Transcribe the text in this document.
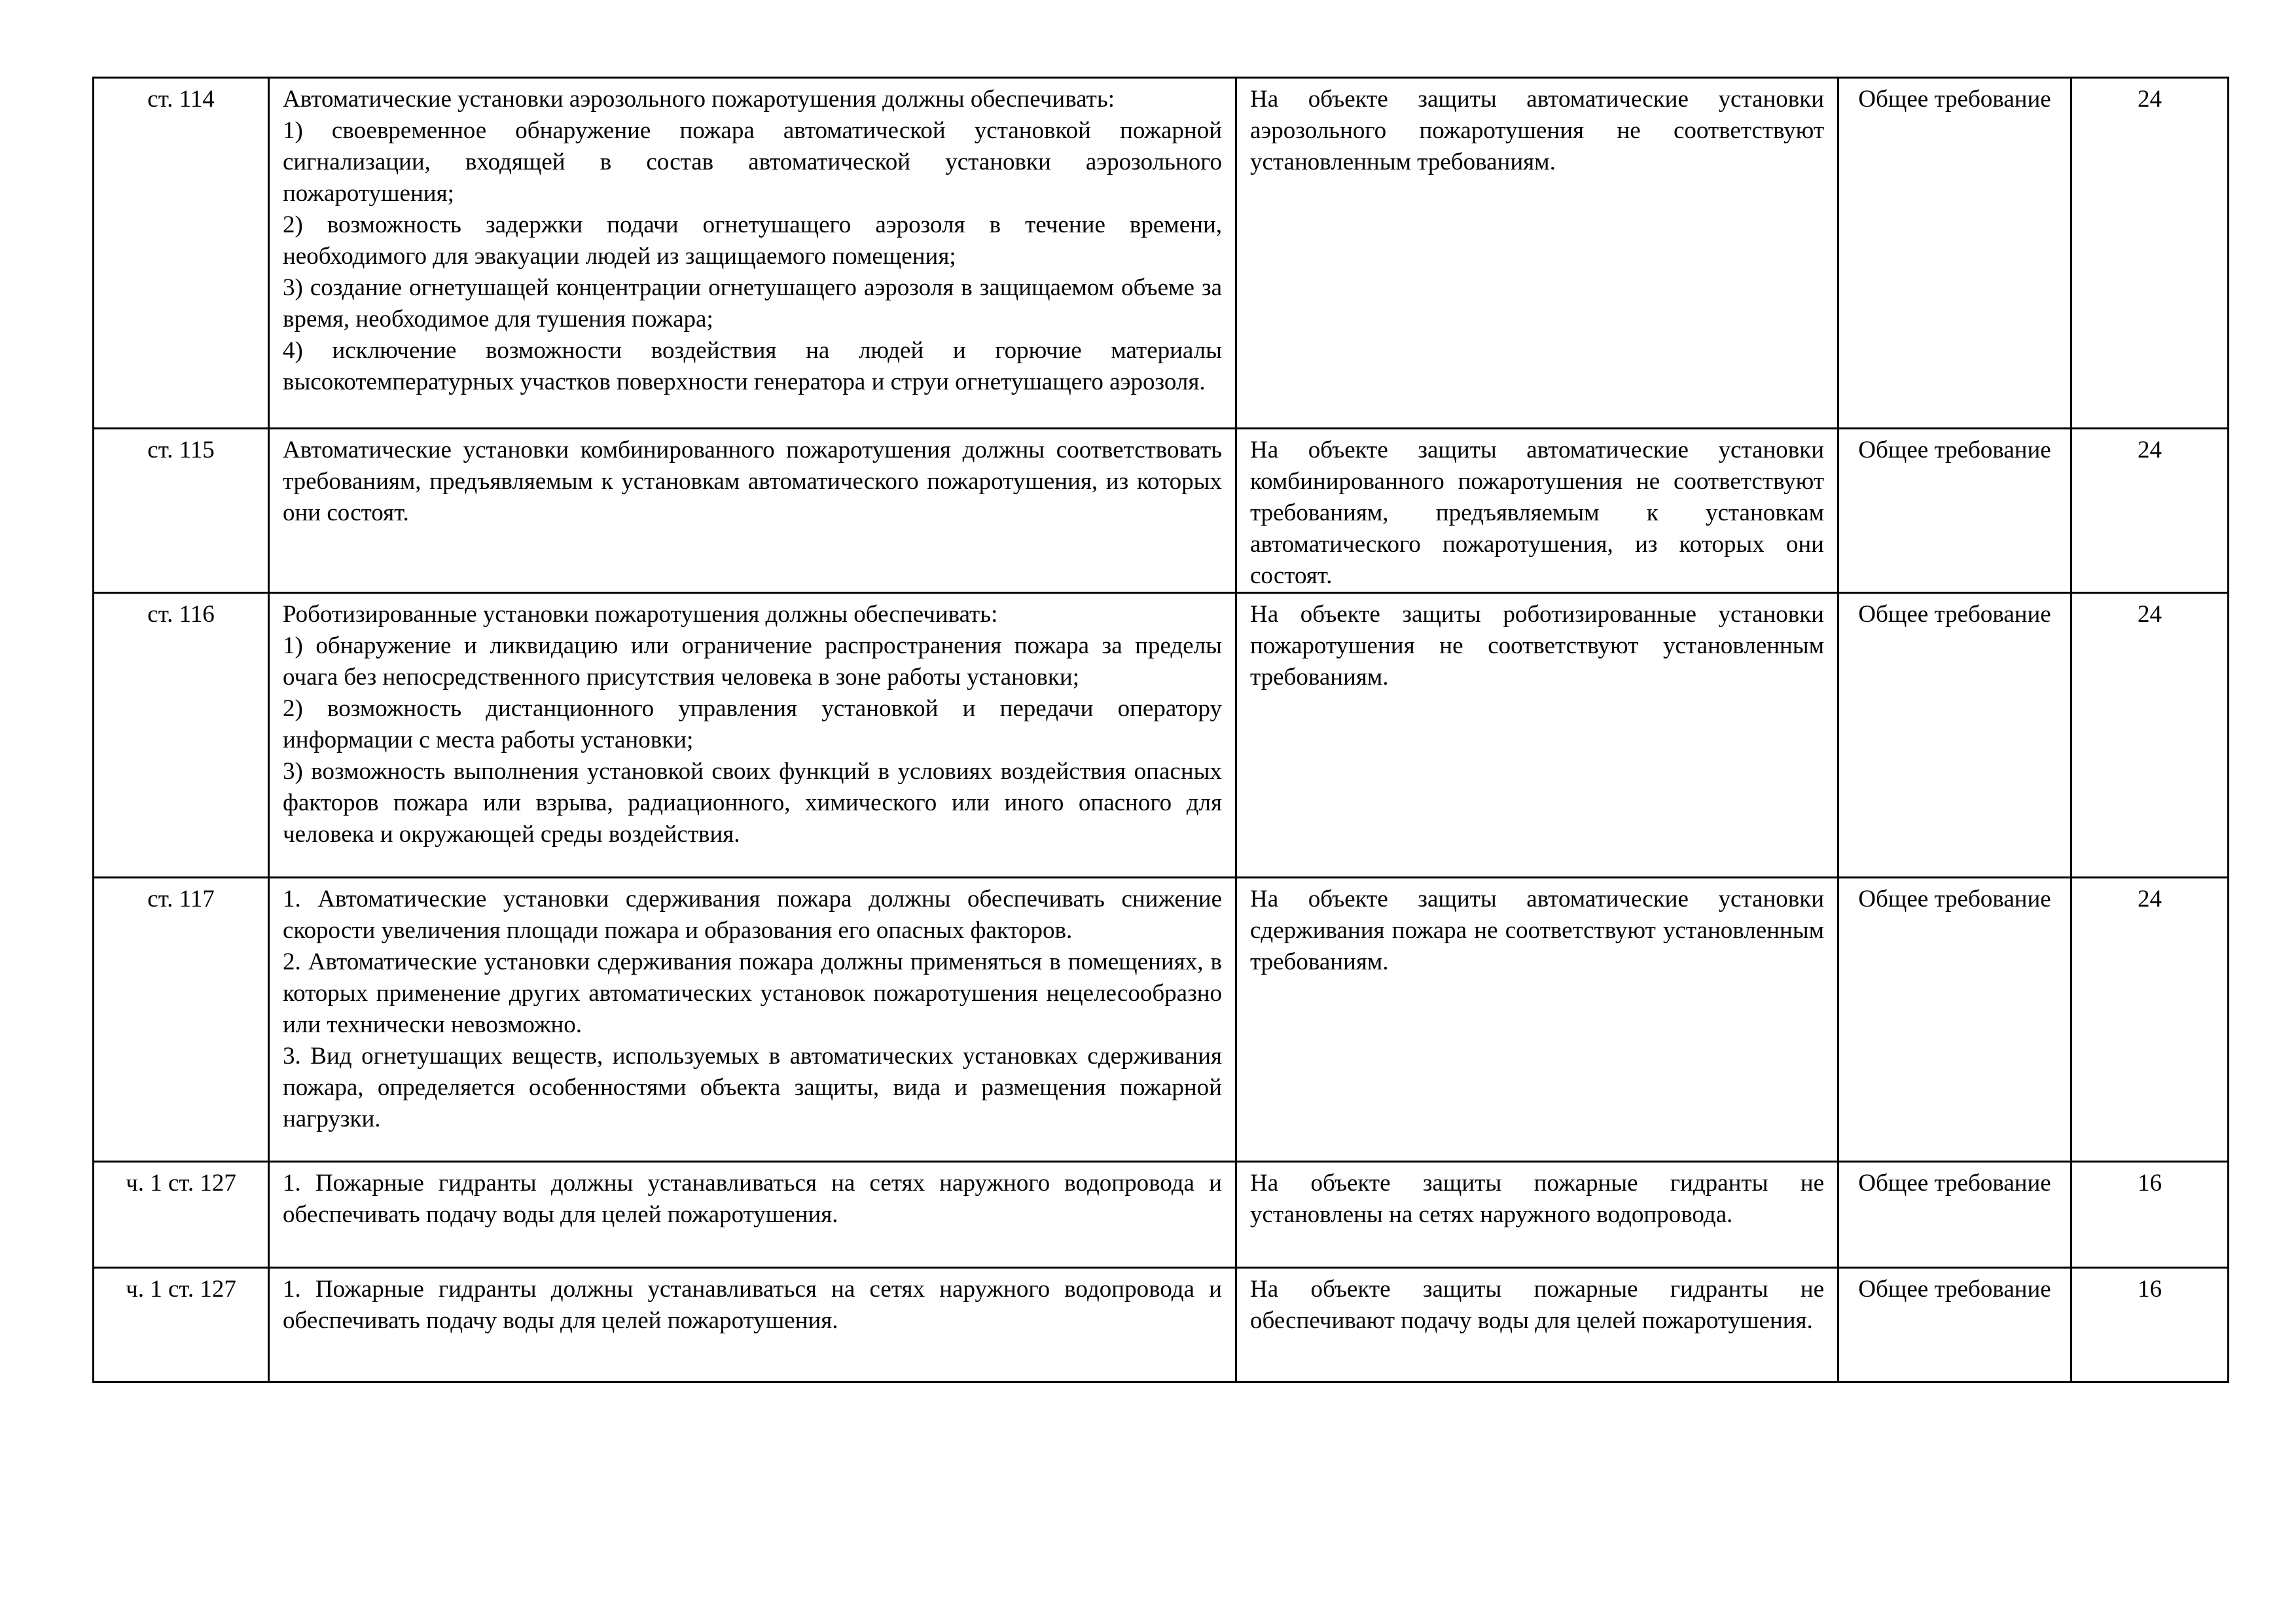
ст. 114	Автоматические установки аэрозольного пожаротушения должны обеспечивать:
1) своевременное обнаружение пожара автоматической установкой пожарной сигнализации, входящей в состав автоматической установки аэрозольного пожаротушения;
2) возможность задержки подачи огнетушащего аэрозоля в течение времени, необходимого для эвакуации людей из защищаемого помещения;
3) создание огнетушащей концентрации огнетушащего аэрозоля в защищаемом объеме за время, необходимое для тушения пожара;
4) исключение возможности воздействия на людей и горючие материалы высокотемпературных участков поверхности генератора и струи огнетушащего аэрозоля.	На объекте защиты автоматические установки аэрозольного пожаротушения не соответствуют установленным требованиям.	Общее требование	24
ст. 115	Автоматические установки комбинированного пожаротушения должны соответствовать требованиям, предъявляемым к установкам автоматического пожаротушения, из которых они состоят.	На объекте защиты автоматические установки комбинированного пожаротушения не соответствуют требованиям, предъявляемым к установкам автоматического пожаротушения, из которых они состоят.	Общее требование	24
ст. 116	Роботизированные установки пожаротушения должны обеспечивать:
1) обнаружение и ликвидацию или ограничение распространения пожара за пределы очага без непосредственного присутствия человека в зоне работы установки;
2) возможность дистанционного управления установкой и передачи оператору информации с места работы установки;
3) возможность выполнения установкой своих функций в условиях воздействия опасных факторов пожара или взрыва, радиационного, химического или иного опасного для человека и окружающей среды воздействия.	На объекте защиты роботизированные установки пожаротушения не соответствуют установленным требованиям.	Общее требование	24
ст. 117	1. Автоматические установки сдерживания пожара должны обеспечивать снижение скорости увеличения площади пожара и образования его опасных факторов.
2. Автоматические установки сдерживания пожара должны применяться в помещениях, в которых применение других автоматических установок пожаротушения нецелесообразно или технически невозможно.
3. Вид огнетушащих веществ, используемых в автоматических установках сдерживания пожара, определяется особенностями объекта защиты, вида и размещения пожарной нагрузки.	На объекте защиты автоматические установки сдерживания пожара не соответствуют установленным требованиям.	Общее требование	24
ч. 1 ст. 127	1. Пожарные гидранты должны устанавливаться на сетях наружного водопровода и обеспечивать подачу воды для целей пожаротушения.	На объекте защиты пожарные гидранты не установлены на сетях наружного водопровода.	Общее требование	16
ч. 1 ст. 127	1. Пожарные гидранты должны устанавливаться на сетях наружного водопровода и обеспечивать подачу воды для целей пожаротушения.	На объекте защиты пожарные гидранты не обеспечивают подачу воды для целей пожаротушения.	Общее требование	16
